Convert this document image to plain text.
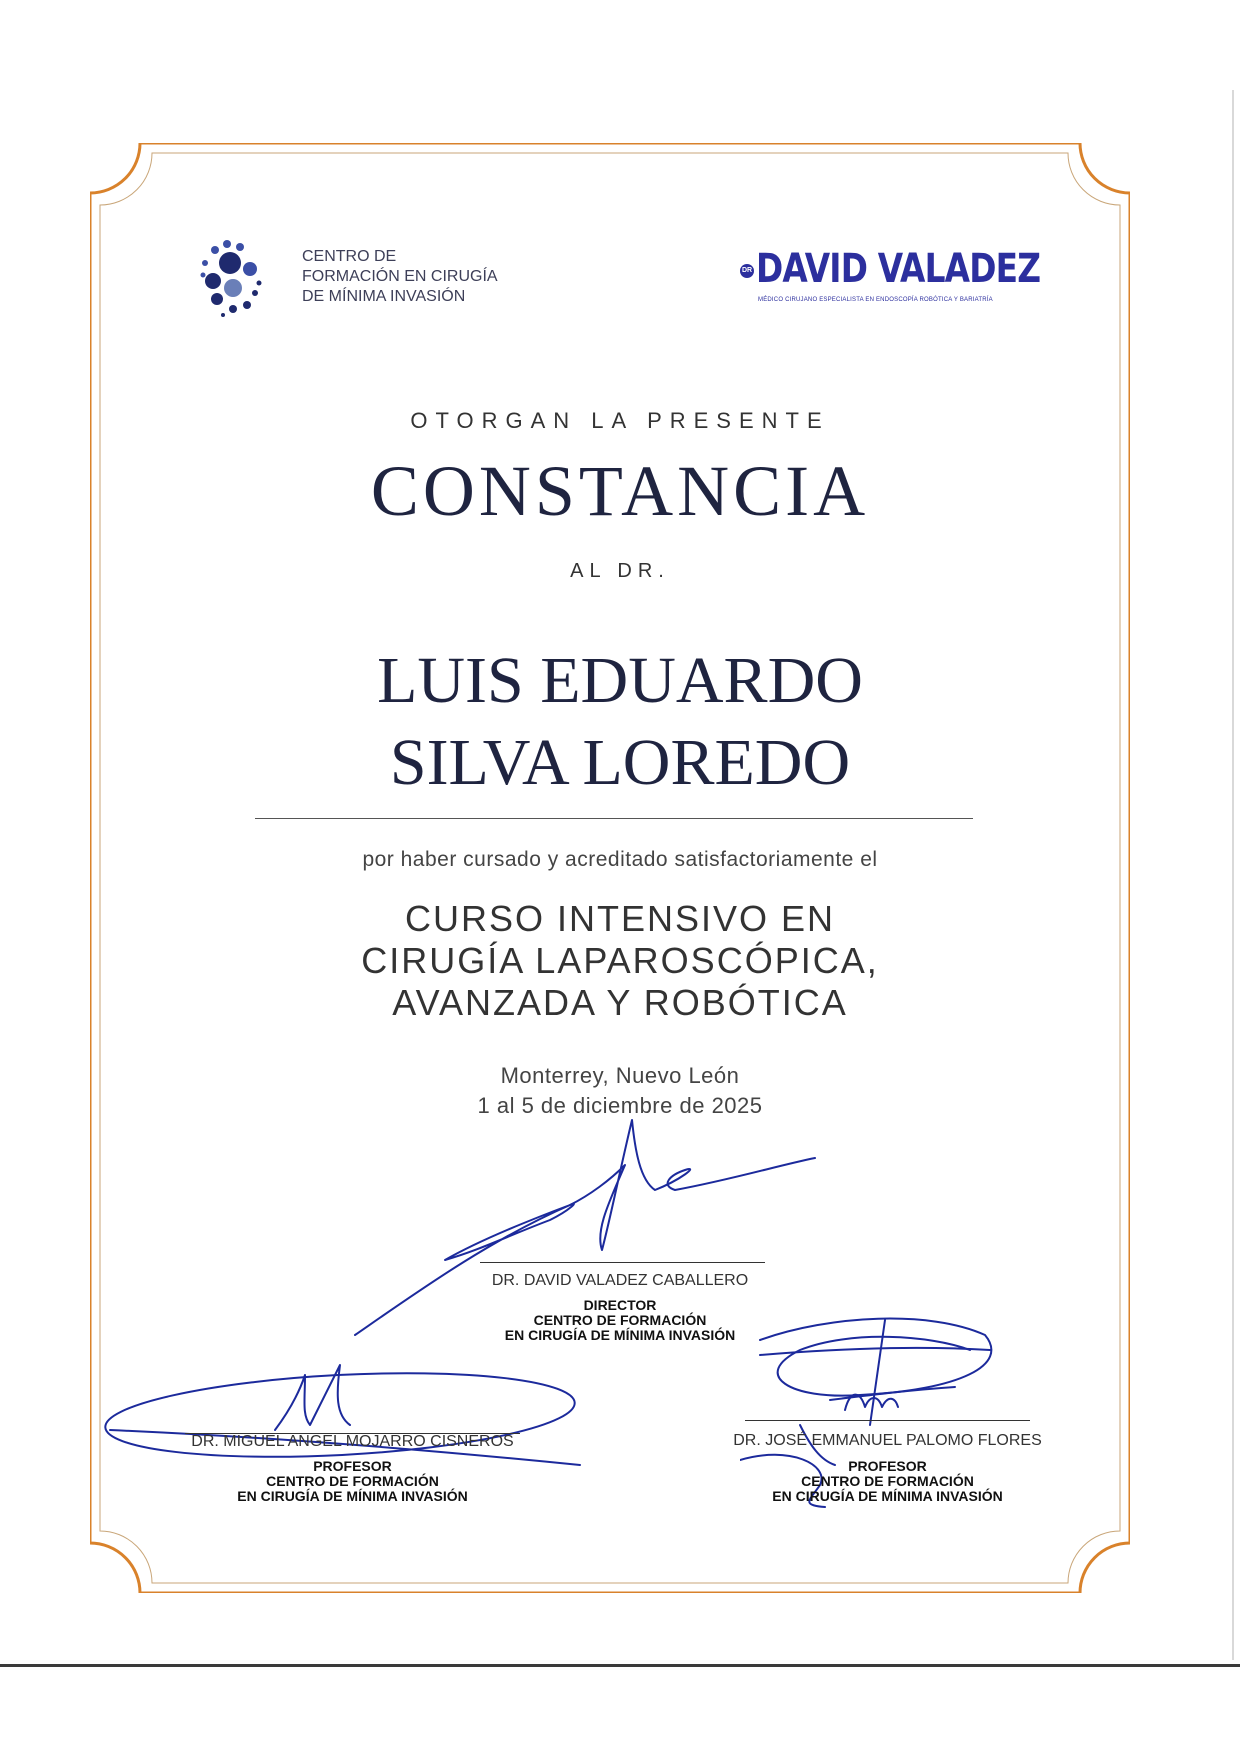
CENTRO DE
FORMACIÓN EN CIRUGÍA
DE MÍNIMA INVASIÓN
DR DAVID VALADEZ
MÉDICO CIRUJANO ESPECIALISTA EN ENDOSCOPÍA ROBÓTICA Y BARIATRÍA
OTORGAN LA PRESENTE
CONSTANCIA
AL DR.
LUIS EDUARDO
SILVA LOREDO
por haber cursado y acreditado satisfactoriamente el
CURSO INTENSIVO EN
CIRUGÍA LAPAROSCÓPICA,
AVANZADA Y ROBÓTICA
Monterrey, Nuevo León
1 al 5 de diciembre de 2025
DR. DAVID VALADEZ CABALLERO
DIRECTOR
CENTRO DE FORMACIÓN
EN CIRUGÍA DE MÍNIMA INVASIÓN
DR. MIGUEL ANGEL MOJARRO CISNEROS
PROFESOR
CENTRO DE FORMACIÓN
EN CIRUGÍA DE MÍNIMA INVASIÓN
DR. JOSÉ EMMANUEL PALOMO FLORES
PROFESOR
CENTRO DE FORMACIÓN
EN CIRUGÍA DE MÍNIMA INVASIÓN
